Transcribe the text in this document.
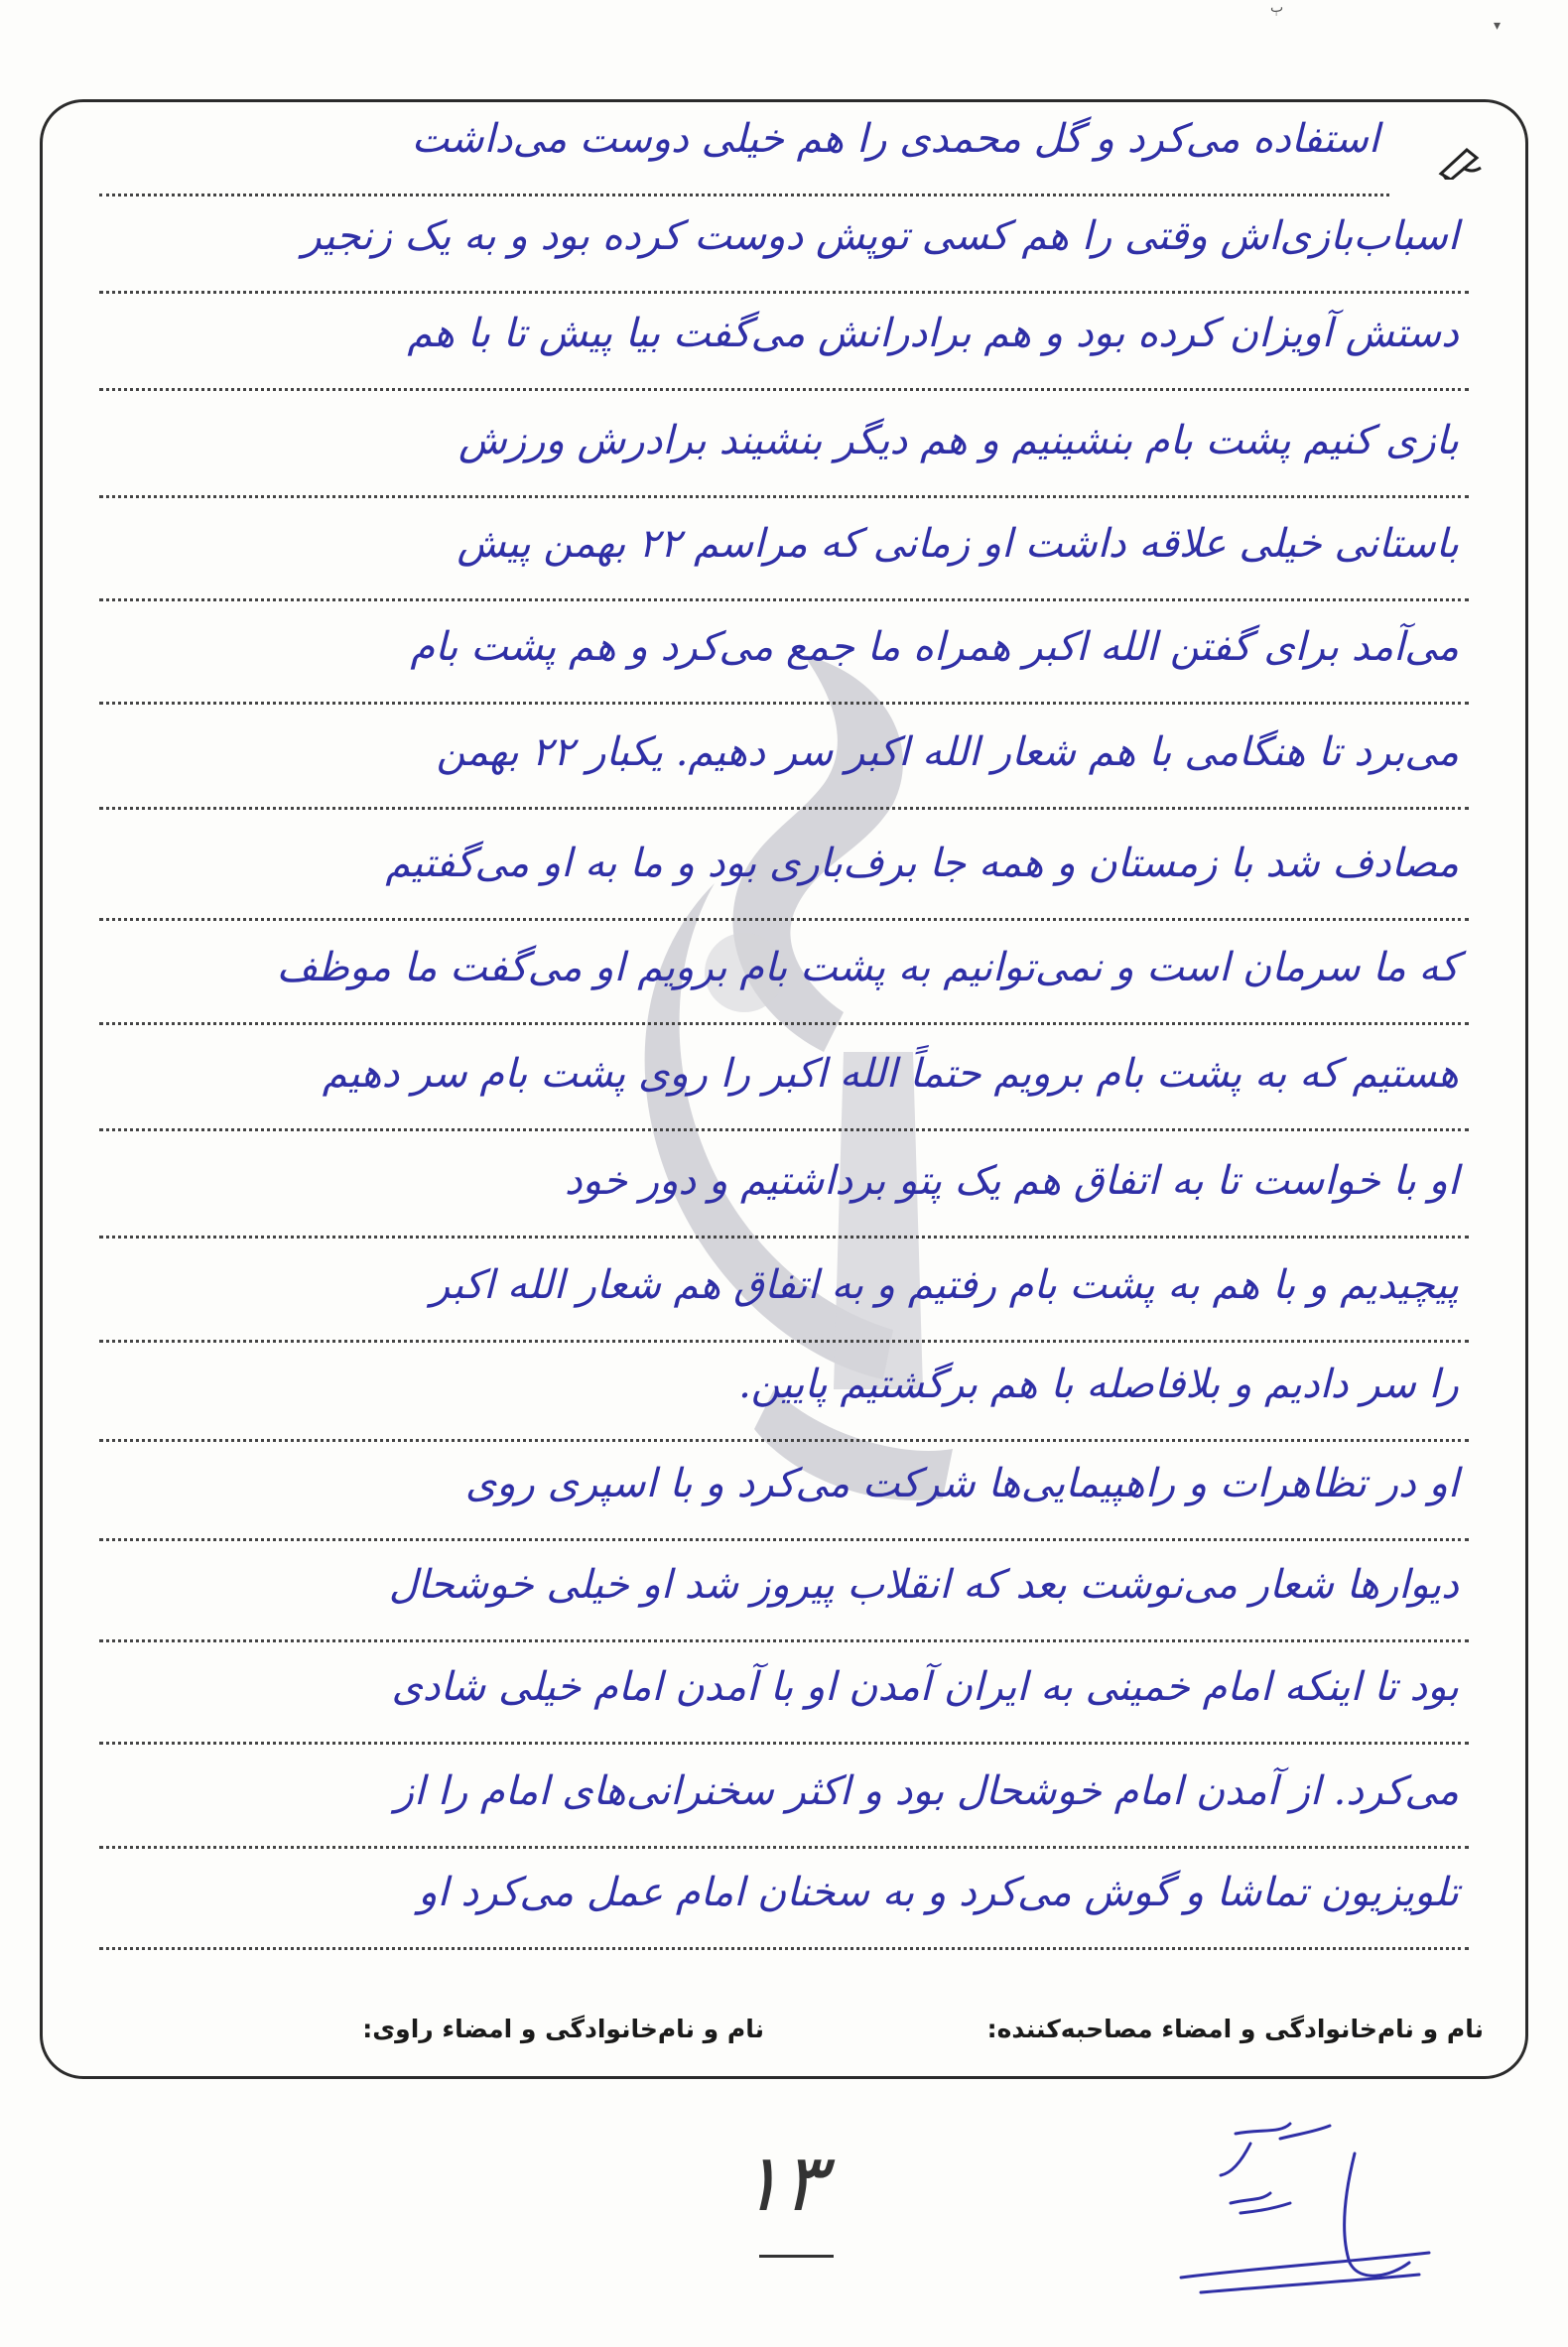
ٻ
▾
استفاده می‌کرد و گل محمدی را هم خیلی دوست می‌داشت
اسباب‌بازی‌اش وقتی را هم کسی توپش دوست کرده بود و به یک زنجیر
دستش آویزان کرده بود و هم برادرانش می‌گفت بیا پیش تا با هم
بازی کنیم پشت بام بنشینیم و هم دیگر بنشیند برادرش ورزش
باستانی خیلی علاقه داشت او زمانی که مراسم ۲۲ بهمن پیش
می‌آمد برای گفتن الله اکبر همراه ما جمع می‌کرد و هم پشت بام
می‌برد تا هنگامی با هم شعار الله اکبر سر دهیم. یکبار ۲۲ بهمن
مصادف شد با زمستان و همه جا برف‌باری بود و ما به او می‌گفتیم
که ما سرمان است و نمی‌توانیم به پشت بام برویم او می‌گفت ما موظف
هستیم که به پشت بام برویم حتماً الله اکبر را روی پشت بام سر دهیم
او با خواست تا به اتفاق هم یک پتو برداشتیم و دور خود
پیچیدیم و با هم به پشت بام رفتیم و به اتفاق هم شعار الله اکبر
را سر دادیم و بلافاصله با هم برگشتیم پایین.
او در تظاهرات و راهپیمایی‌ها شرکت می‌کرد و با اسپری روی
دیوارها شعار می‌نوشت بعد که انقلاب پیروز شد او خیلی خوشحال
بود تا اینکه امام خمینی به ایران آمدن او با آمدن امام خیلی شادی
می‌کرد. از آمدن امام خوشحال بود و اکثر سخنرانی‌های امام را از
تلویزیون تماشا و گوش می‌کرد و به سخنان امام عمل می‌کرد او
نام و نام‌خانوادگی و امضاء مصاحبه‌کننده:
نام و نام‌خانوادگی و امضاء راوی:
۱۳
